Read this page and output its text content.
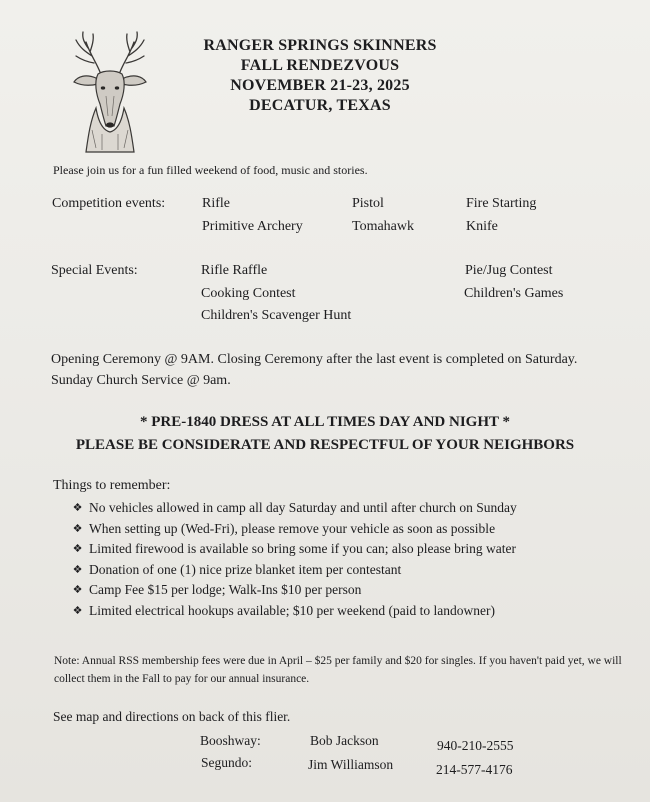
RANGER SPRINGS SKINNERS
FALL RENDEZVOUS
NOVEMBER 21-23, 2025
DECATUR, TEXAS
Please join us for a fun filled weekend of food, music and stories.
Competition events:	Rifle	Pistol	Fire Starting
Primitive Archery	Tomahawk	Knife
Special Events:	Rifle Raffle	Pie/Jug Contest
Cooking Contest	Children's Games
Children's Scavenger Hunt
Opening Ceremony @ 9AM. Closing Ceremony after the last event is completed on Saturday. Sunday Church Service @ 9am.
* PRE-1840 DRESS AT ALL TIMES DAY AND NIGHT *
PLEASE BE CONSIDERATE AND RESPECTFUL OF YOUR NEIGHBORS
Things to remember:
❖ No vehicles allowed in camp all day Saturday and until after church on Sunday
❖ When setting up (Wed-Fri), please remove your vehicle as soon as possible
❖ Limited firewood is available so bring some if you can; also please bring water
❖ Donation of one (1) nice prize blanket item per contestant
❖ Camp Fee $15 per lodge; Walk-Ins $10 per person
❖ Limited electrical hookups available; $10 per weekend (paid to landowner)
Note: Annual RSS membership fees were due in April – $25 per family and $20 for singles. If you haven't paid yet, we will collect them in the Fall to pay for our annual insurance.
See map and directions on back of this flier.
Booshway:	Bob Jackson	940-210-2555
Segundo:	Jim Williamson	214-577-4176
